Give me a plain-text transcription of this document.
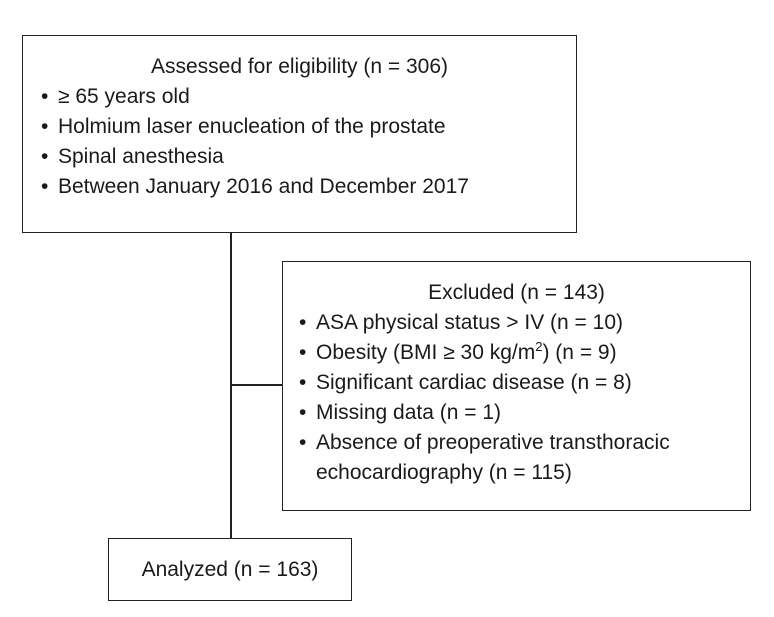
Assessed for eligibility (n = 306)
• ≥ 65 years old
• Holmium laser enucleation of the prostate
• Spinal anesthesia
• Between January 2016 and December 2017
Excluded (n = 143)
• ASA physical status > IV (n = 10)
• Obesity (BMI ≥ 30 $kg/m^2$) (n = 9)
• Significant cardiac disease (n = 8)
• Missing data (n = 1)
• Absence of preoperative transthoracic
echocardiography (n = 115)
Analyzed (n = 163)
